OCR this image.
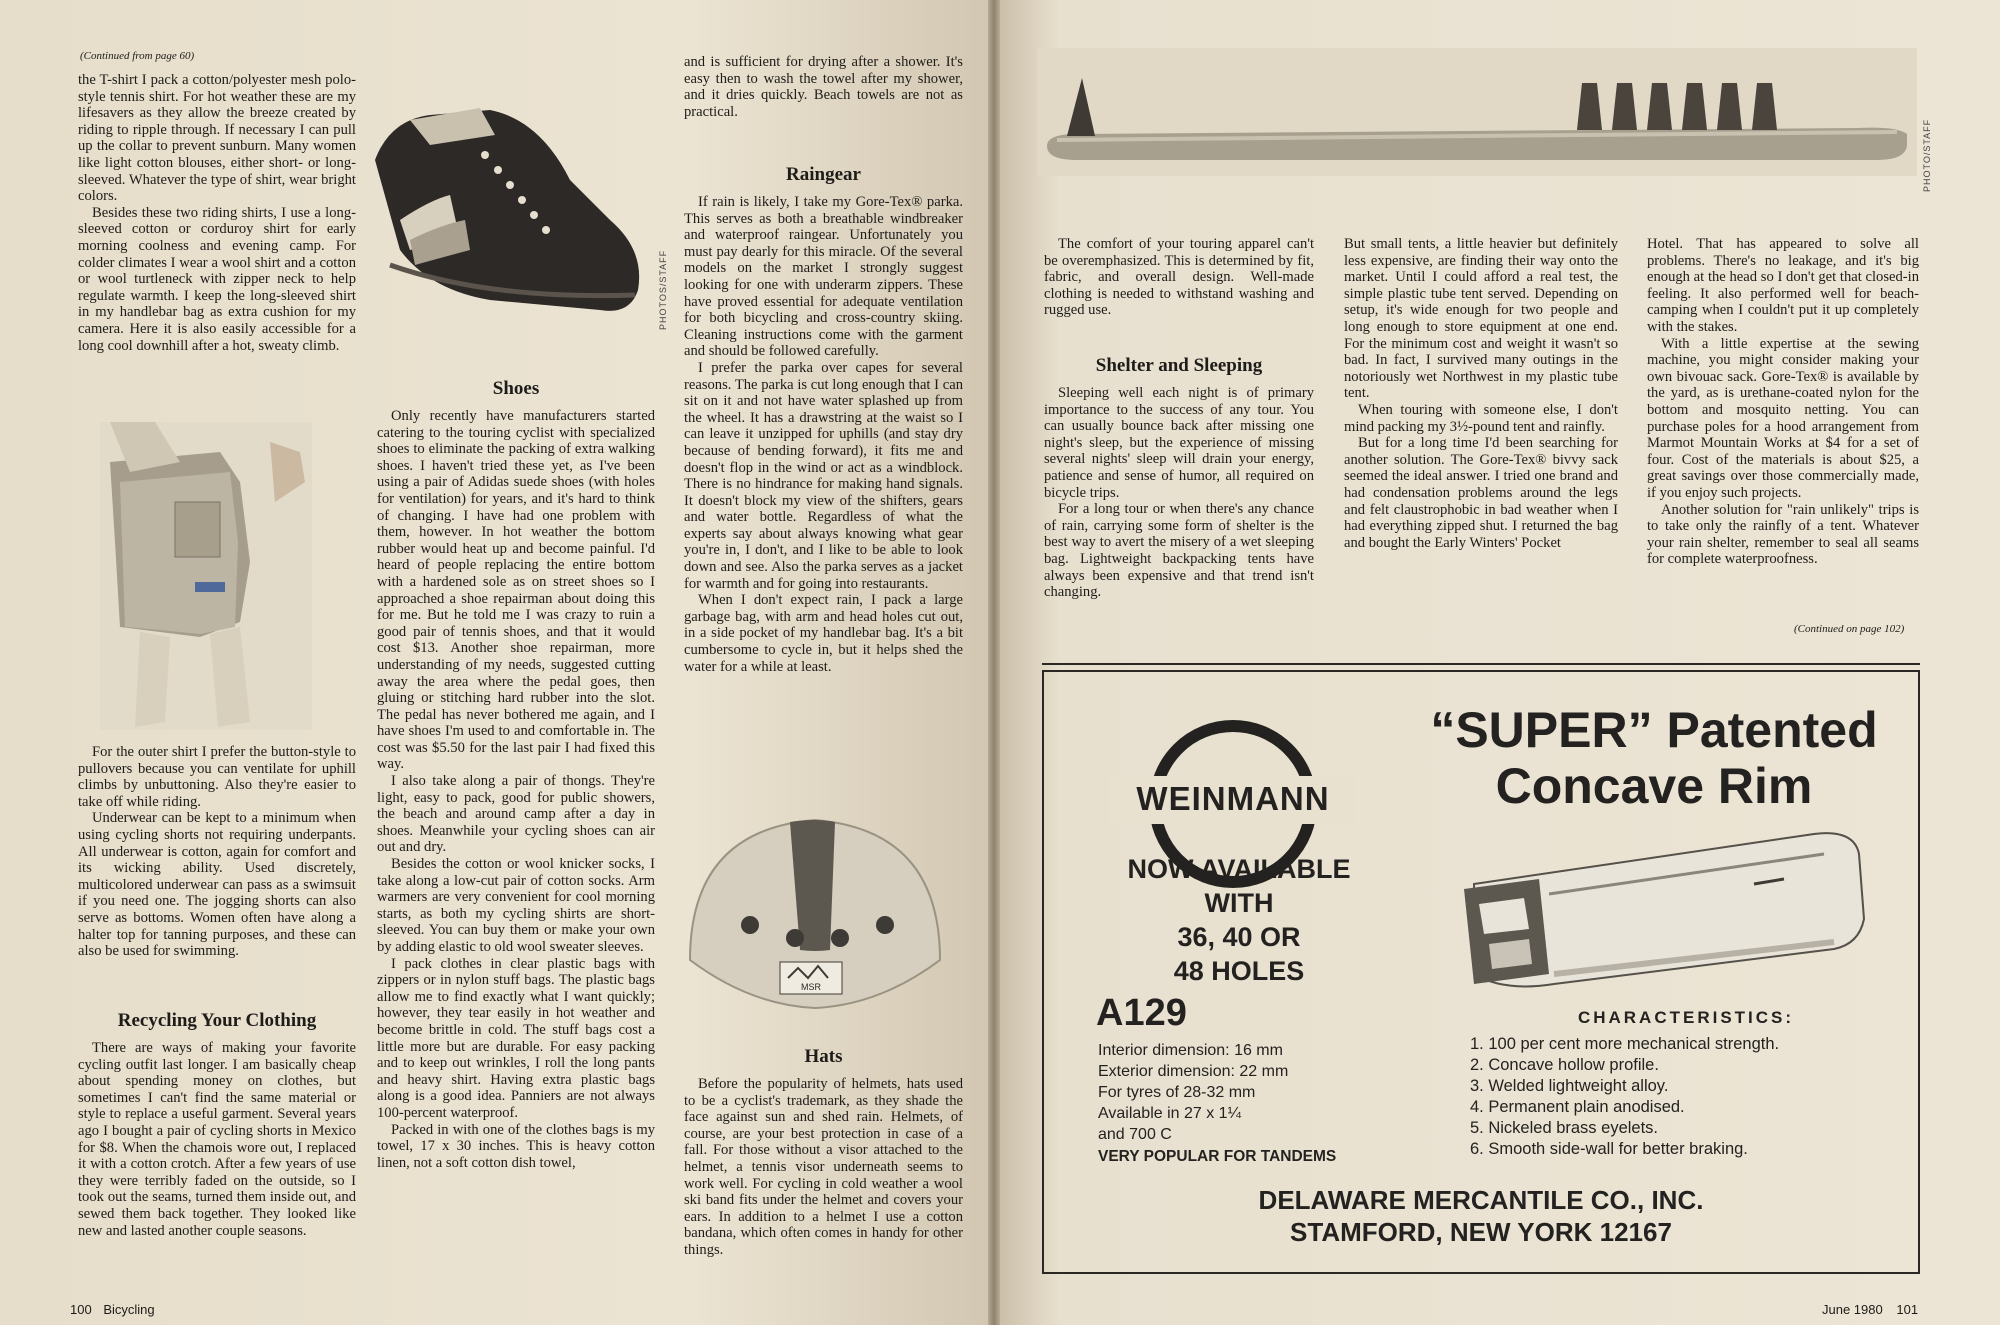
(Continued from page 60)

the T-shirt I pack a cotton/polyester mesh polo-style tennis shirt. For hot weather these are my lifesavers as they allow the breeze created by riding to ripple through. If necessary I can pull up the collar to prevent sunburn. Many women like light cotton blouses, either short- or long-sleeved. Whatever the type of shirt, wear bright colors.

Besides these two riding shirts, I use a long-sleeved cotton or corduroy shirt for early morning coolness and evening camp. For colder climates I wear a wool shirt and a cotton or wool turtleneck with zipper neck to help regulate warmth. I keep the long-sleeved shirt in my handlebar bag as extra cushion for my camera. Here it is also easily accessible for a long cool downhill after a hot, sweaty climb.

For the outer shirt I prefer the button-style to pullovers because you can ventilate for uphill climbs by unbuttoning. Also they're easier to take off while riding.

Underwear can be kept to a minimum when using cycling shorts not requiring underpants. All underwear is cotton, again for comfort and its wicking ability. Used discretely, multicolored underwear can pass as a swimsuit if you need one. The jogging shorts can also serve as bottoms. Women often have along a halter top for tanning purposes, and these can also be used for swimming.

Recycling Your Clothing

There are ways of making your favorite cycling outfit last longer. I am basically cheap about spending money on clothes, but sometimes I can't find the same material or style to replace a useful garment. Several years ago I bought a pair of cycling shorts in Mexico for $8. When the chamois wore out, I replaced it with a cotton crotch. After a few years of use they were terribly faded on the outside, so I took out the seams, turned them inside out, and sewed them back together. They looked like new and lasted another couple seasons.

PHOTOS/STAFF
Shoes

Only recently have manufacturers started catering to the touring cyclist with specialized shoes to eliminate the packing of extra walking shoes. I haven't tried these yet, as I've been using a pair of Adidas suede shoes (with holes for ventilation) for years, and it's hard to think of changing. I have had one problem with them, however. In hot weather the bottom rubber would heat up and become painful. I'd heard of people replacing the entire bottom with a hardened sole as on street shoes so I approached a shoe repairman about doing this for me. But he told me I was crazy to ruin a good pair of tennis shoes, and that it would cost $13. Another shoe repairman, more understanding of my needs, suggested cutting away the area where the pedal goes, then gluing or stitching hard rubber into the slot. The pedal has never bothered me again, and I have shoes I'm used to and comfortable in. The cost was $5.50 for the last pair I had fixed this way.

I also take along a pair of thongs. They're light, easy to pack, good for public showers, the beach and around camp after a day in shoes. Meanwhile your cycling shoes can air out and dry.

Besides the cotton or wool knicker socks, I take along a low-cut pair of cotton socks. Arm warmers are very convenient for cool morning starts, as both my cycling shirts are short-sleeved. You can buy them or make your own by adding elastic to old wool sweater sleeves.

I pack clothes in clear plastic bags with zippers or in nylon stuff bags. The plastic bags allow me to find exactly what I want quickly; however, they tear easily in hot weather and become brittle in cold. The stuff bags cost a little more but are durable. For easy packing and to keep out wrinkles, I roll the long pants and heavy shirt. Having extra plastic bags along is a good idea. Panniers are not always 100-percent waterproof.

Packed in with one of the clothes bags is my towel, 17 x 30 inches. This is heavy cotton linen, not a soft cotton dish towel,

and is sufficient for drying after a shower. It's easy then to wash the towel after my shower, and it dries quickly. Beach towels are not as practical.

Raingear

If rain is likely, I take my Gore-Tex® parka. This serves as both a breathable windbreaker and waterproof raingear. Unfortunately you must pay dearly for this miracle. Of the several models on the market I strongly suggest looking for one with underarm zippers. These have proved essential for adequate ventilation for both bicycling and cross-country skiing. Cleaning instructions come with the garment and should be followed carefully.

I prefer the parka over capes for several reasons. The parka is cut long enough that I can sit on it and not have water splashed up from the wheel. It has a drawstring at the waist so I can leave it unzipped for uphills (and stay dry because of bending forward), it fits me and doesn't flop in the wind or act as a windblock. There is no hindrance for making hand signals. It doesn't block my view of the shifters, gears and water bottle. Regardless of what the experts say about always knowing what gear you're in, I don't, and I like to be able to look down and see. Also the parka serves as a jacket for warmth and for going into restaurants.

When I don't expect rain, I pack a large garbage bag, with arm and head holes cut out, in a side pocket of my handlebar bag. It's a bit cumbersome to cycle in, but it helps shed the water for a while at least.

MSR
Hats

Before the popularity of helmets, hats used to be a cyclist's trademark, as they shade the face against sun and shed rain. Helmets, of course, are your best protection in case of a fall. For those without a visor attached to the helmet, a tennis visor underneath seems to work well. For cycling in cold weather a wool ski band fits under the helmet and covers your ears. In addition to a helmet I use a cotton bandana, which often comes in handy for other things.

100 Bicycling
PHOTO/STAFF

The comfort of your touring apparel can't be overemphasized. This is determined by fit, fabric, and overall design. Well-made clothing is needed to withstand washing and rugged use.

Shelter and Sleeping

Sleeping well each night is of primary importance to the success of any tour. You can usually bounce back after missing one night's sleep, but the experience of missing several nights' sleep will drain your energy, patience and sense of humor, all required on bicycle trips.

For a long tour or when there's any chance of rain, carrying some form of shelter is the best way to avert the misery of a wet sleeping bag. Lightweight backpacking tents have always been expensive and that trend isn't changing.

But small tents, a little heavier but definitely less expensive, are finding their way onto the market. Until I could afford a real test, the simple plastic tube tent served. Depending on setup, it's wide enough for two people and long enough to store equipment at one end. For the minimum cost and weight it wasn't so bad. In fact, I survived many outings in the notoriously wet Northwest in my plastic tube tent.

When touring with someone else, I don't mind packing my 3½-pound tent and rainfly.

But for a long time I'd been searching for another solution. The Gore-Tex® bivvy sack seemed the ideal answer. I tried one brand and had condensation problems around the legs and felt claustrophobic in bad weather when I had everything zipped shut. I returned the bag and bought the Early Winters' Pocket

Hotel. That has appeared to solve all problems. There's no leakage, and it's big enough at the head so I don't get that closed-in feeling. It also performed well for beach-camping when I couldn't put it up completely with the stakes.

With a little expertise at the sewing machine, you might consider making your own bivouac sack. Gore-Tex® is available by the yard, as is urethane-coated nylon for the bottom and mosquito netting. You can purchase poles for a hood arrangement from Marmot Mountain Works at $4 for a set of four. Cost of the materials is about $25, a great savings over those commercially made, if you enjoy such projects.

Another solution for "rain unlikely" trips is to take only the rainfly of a tent. Whatever your rain shelter, remember to seal all seams for complete waterproofness.

(Continued on page 102)
June 1980 101
WEINMANN
“SUPER” Patented
Concave Rim
NOW AVAILABLE
WITH
36, 40 OR
48 HOLES
A129
Interior dimension: 16 mm
Exterior dimension: 22 mm
For tyres of 28-32 mm
Available in 27 x 1¼
and 700 C
VERY POPULAR FOR TANDEMS
CHARACTERISTICS:
1. 100 per cent more mechanical strength.
2. Concave hollow profile.
3. Welded lightweight alloy.
4. Permanent plain anodised.
5. Nickeled brass eyelets.
6. Smooth side-wall for better braking.
DELAWARE MERCANTILE CO., INC.
STAMFORD, NEW YORK 12167
